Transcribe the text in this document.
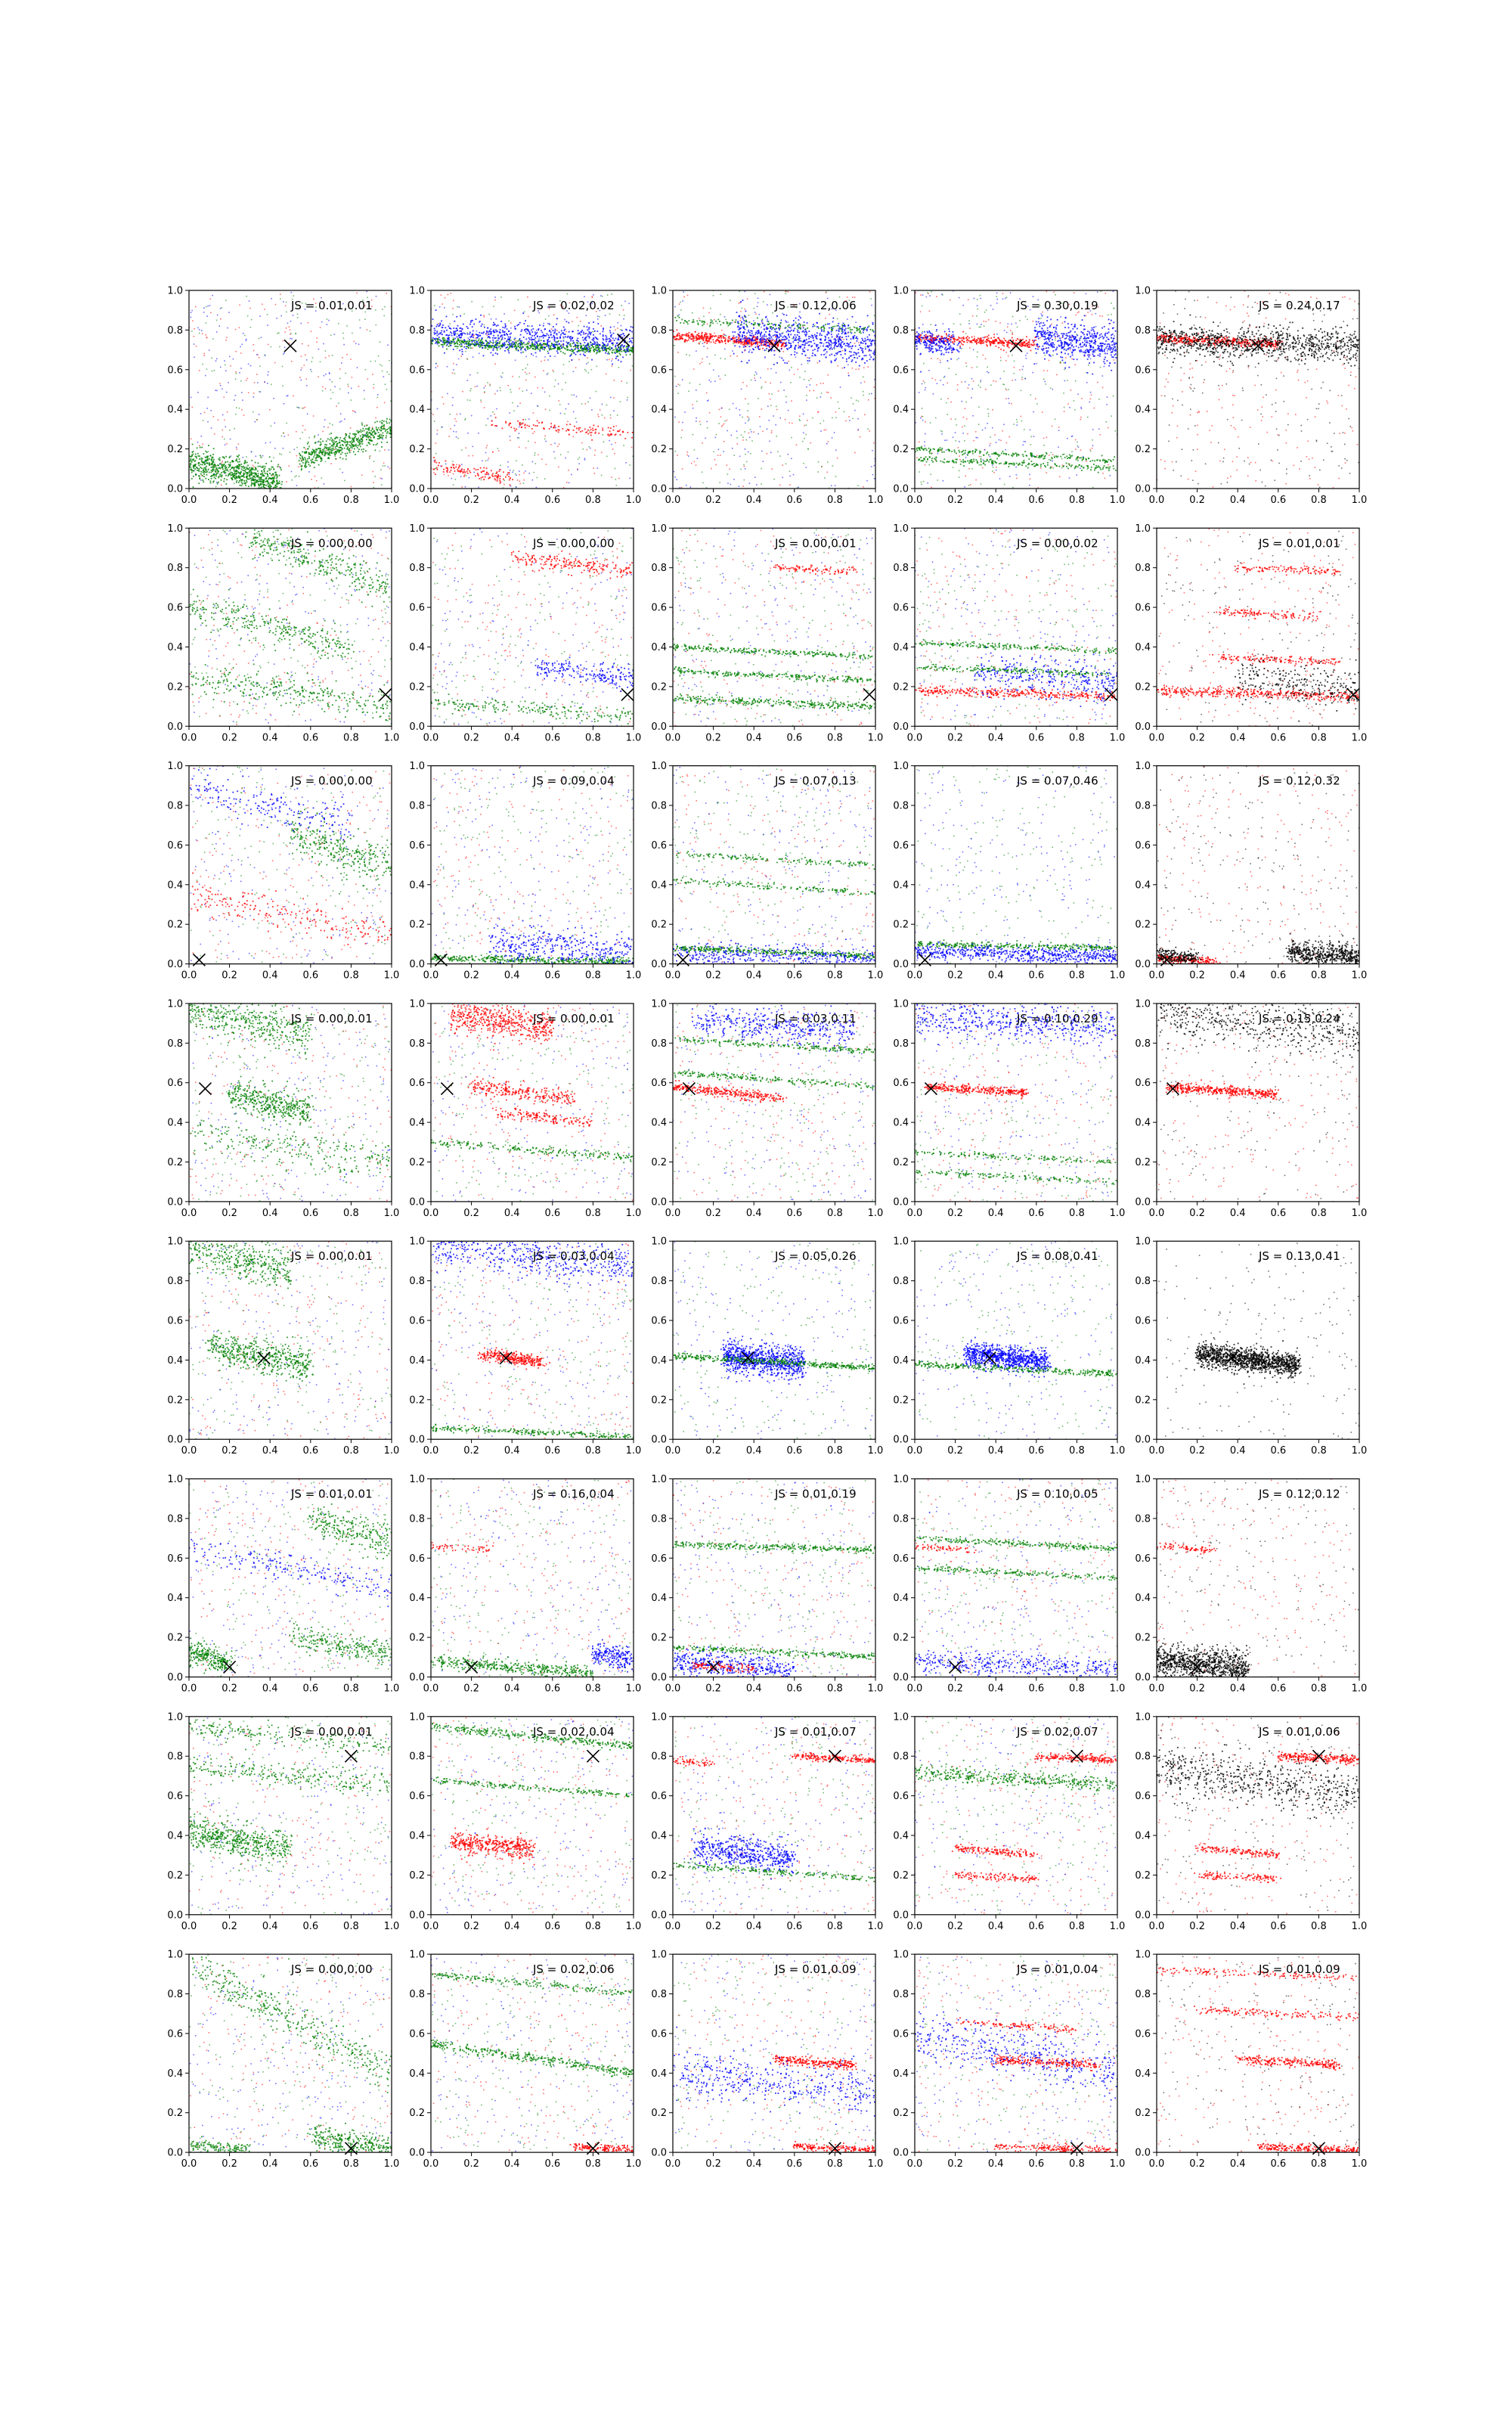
0.0	0.2	0.4	0.6	0.8	1.0
0.0
0.2
0.4
0.6
0.8
1.0
JS = 0.01,0.01
0.0	0.2	0.4	0.6	0.8	1.0
0.0
0.2
0.4
0.6
0.8
1.0
JS = 0.02,0.02
0.0	0.2	0.4	0.6	0.8	1.0
0.0
0.2
0.4
0.6
0.8
1.0
JS = 0.12,0.06
0.0	0.2	0.4	0.6	0.8	1.0
0.0
0.2
0.4
0.6
0.8
1.0
JS = 0.30,0.19
0.0	0.2	0.4	0.6	0.8	1.0
0.0
0.2
0.4
0.6
0.8
1.0
JS = 0.24,0.17
0.0	0.2	0.4	0.6	0.8	1.0
0.0
0.2
0.4
0.6
0.8
1.0
JS = 0.00,0.00
0.0	0.2	0.4	0.6	0.8	1.0
0.0
0.2
0.4
0.6
0.8
1.0
JS = 0.00,0.00
0.0	0.2	0.4	0.6	0.8	1.0
0.0
0.2
0.4
0.6
0.8
1.0
JS = 0.00,0.01
0.0	0.2	0.4	0.6	0.8	1.0
0.0
0.2
0.4
0.6
0.8
1.0
JS = 0.00,0.02
0.0	0.2	0.4	0.6	0.8	1.0
0.0
0.2
0.4
0.6
0.8
1.0
JS = 0.01,0.01
0.0	0.2	0.4	0.6	0.8	1.0
0.0
0.2
0.4
0.6
0.8
1.0
JS = 0.00,0.00
0.0	0.2	0.4	0.6	0.8	1.0
0.0
0.2
0.4
0.6
0.8
1.0
JS = 0.09,0.04
0.0	0.2	0.4	0.6	0.8	1.0
0.0
0.2
0.4
0.6
0.8
1.0
JS = 0.07,0.13
0.0	0.2	0.4	0.6	0.8	1.0
0.0
0.2
0.4
0.6
0.8
1.0
JS = 0.07,0.46
0.0	0.2	0.4	0.6	0.8	1.0
0.0
0.2
0.4
0.6
0.8
1.0
JS = 0.12,0.32
0.0	0.2	0.4	0.6	0.8	1.0
0.0
0.2
0.4
0.6
0.8
1.0
JS = 0.00,0.01
0.0	0.2	0.4	0.6	0.8	1.0
0.0
0.2
0.4
0.6
0.8
1.0
JS = 0.00,0.01
0.0	0.2	0.4	0.6	0.8	1.0
0.0
0.2
0.4
0.6
0.8
1.0
JS = 0.03,0.11
0.0	0.2	0.4	0.6	0.8	1.0
0.0
0.2
0.4
0.6
0.8
1.0
JS = 0.10,0.29
0.0	0.2	0.4	0.6	0.8	1.0
0.0
0.2
0.4
0.6
0.8
1.0
JS = 0.15,0.24
0.0	0.2	0.4	0.6	0.8	1.0
0.0
0.2
0.4
0.6
0.8
1.0
JS = 0.00,0.01
0.0	0.2	0.4	0.6	0.8	1.0
0.0
0.2
0.4
0.6
0.8
1.0
JS = 0.03,0.04
0.0	0.2	0.4	0.6	0.8	1.0
0.0
0.2
0.4
0.6
0.8
1.0
JS = 0.05,0.26
0.0	0.2	0.4	0.6	0.8	1.0
0.0
0.2
0.4
0.6
0.8
1.0
JS = 0.08,0.41
0.0	0.2	0.4	0.6	0.8	1.0
0.0
0.2
0.4
0.6
0.8
1.0
JS = 0.13,0.41
0.0	0.2	0.4	0.6	0.8	1.0
0.0
0.2
0.4
0.6
0.8
1.0
JS = 0.01,0.01
0.0	0.2	0.4	0.6	0.8	1.0
0.0
0.2
0.4
0.6
0.8
1.0
JS = 0.16,0.04
0.0	0.2	0.4	0.6	0.8	1.0
0.0
0.2
0.4
0.6
0.8
1.0
JS = 0.01,0.19
0.0	0.2	0.4	0.6	0.8	1.0
0.0
0.2
0.4
0.6
0.8
1.0
JS = 0.10,0.05
0.0	0.2	0.4	0.6	0.8	1.0
0.0
0.2
0.4
0.6
0.8
1.0
JS = 0.12,0.12
0.0	0.2	0.4	0.6	0.8	1.0
0.0
0.2
0.4
0.6
0.8
1.0
JS = 0.00,0.01
0.0	0.2	0.4	0.6	0.8	1.0
0.0
0.2
0.4
0.6
0.8
1.0
JS = 0.02,0.04
0.0	0.2	0.4	0.6	0.8	1.0
0.0
0.2
0.4
0.6
0.8
1.0
JS = 0.01,0.07
0.0	0.2	0.4	0.6	0.8	1.0
0.0
0.2
0.4
0.6
0.8
1.0
JS = 0.02,0.07
0.0	0.2	0.4	0.6	0.8	1.0
0.0
0.2
0.4
0.6
0.8
1.0
JS = 0.01,0.06
0.0	0.2	0.4	0.6	0.8	1.0
0.0
0.2
0.4
0.6
0.8
1.0
JS = 0.00,0.00
0.0	0.2	0.4	0.6	0.8	1.0
0.0
0.2
0.4
0.6
0.8
1.0
JS = 0.02,0.06
0.0	0.2	0.4	0.6	0.8	1.0
0.0
0.2
0.4
0.6
0.8
1.0
JS = 0.01,0.09
0.0	0.2	0.4	0.6	0.8	1.0
0.0
0.2
0.4
0.6
0.8
1.0
JS = 0.01,0.04
0.0	0.2	0.4	0.6	0.8	1.0
0.0
0.2
0.4
0.6
0.8
1.0
JS = 0.01,0.09
